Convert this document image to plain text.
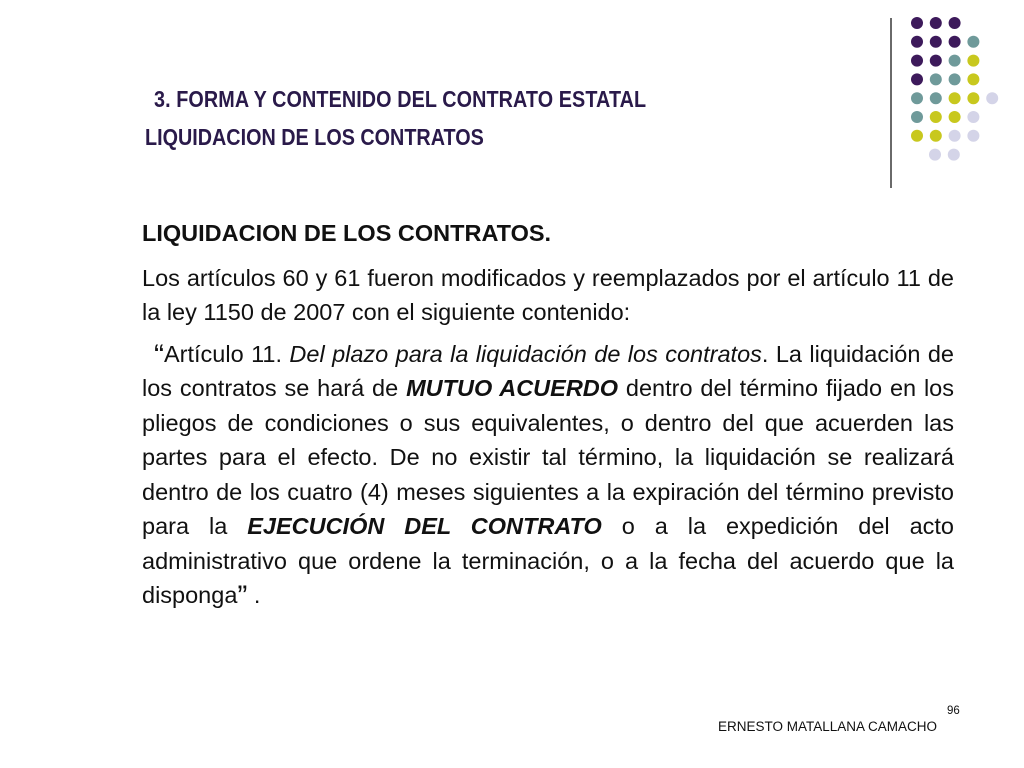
3. FORMA Y CONTENIDO DEL CONTRATO ESTATAL
LIQUIDACION DE LOS CONTRATOS

LIQUIDACION DE LOS CONTRATOS.

Los artículos 60 y 61 fueron modificados y reemplazados por el artículo 11 de la ley 1150 de 2007 con el siguiente contenido:

“Artículo 11. Del plazo para la liquidación de los contratos. La liquidación de los contratos se hará de MUTUO ACUERDO dentro del término fijado en los pliegos de condiciones o sus equivalentes, o dentro del que acuerden las partes para el efecto. De no existir tal término, la liquidación se realizará dentro de los cuatro (4) meses siguientes a la expiración del término previsto para la EJECUCIÓN DEL CONTRATO o a la expedición del acto administrativo que ordene la terminación, o a la fecha del acuerdo que la disponga” .

96
ERNESTO MATALLANA CAMACHO
